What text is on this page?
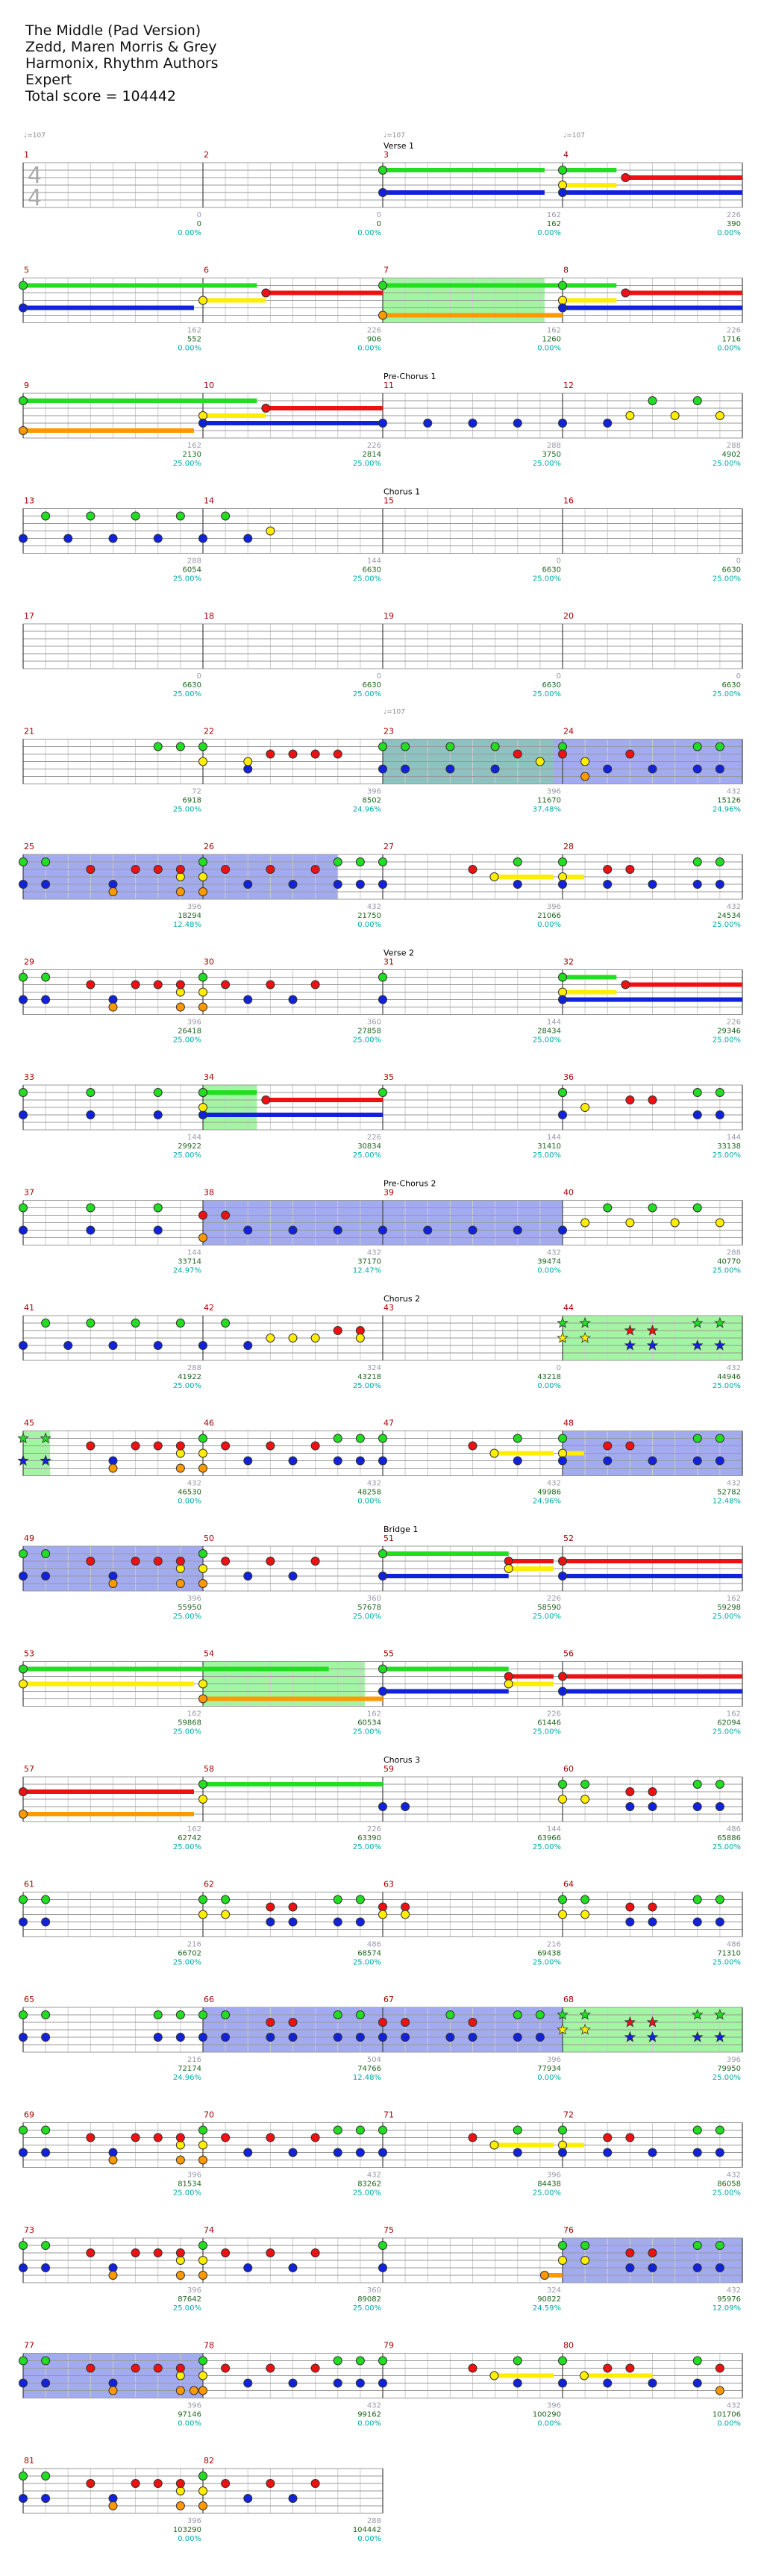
The Middle (Pad Version)
Zedd, Maren Morris & Grey
Harmonix, Rhythm Authors
Expert
Total score = 104442
1
♩=107
0
0
0.00%
2
0
0
0.00%
3
Verse 1
♩=107
162
162
0.00%
4
♩=107
226
390
0.00%
4
4
5
162
552
0.00%
6
226
906
0.00%
7
162
1260
0.00%
8
226
1716
0.00%
9
162
2130
25.00%
10
226
2814
25.00%
11
Pre-Chorus 1
288
3750
25.00%
12
288
4902
25.00%
13
288
6054
25.00%
14
144
6630
25.00%
15
Chorus 1
0
6630
25.00%
16
0
6630
25.00%
17
0
6630
25.00%
18
0
6630
25.00%
19
0
6630
25.00%
20
0
6630
25.00%
21
72
6918
25.00%
22
396
8502
24.96%
23
♩=107
396
11670
37.48%
24
432
15126
24.96%
25
396
18294
12.48%
26
432
21750
0.00%
27
396
21066
0.00%
28
432
24534
25.00%
29
396
26418
25.00%
30
360
27858
25.00%
31
Verse 2
144
28434
25.00%
32
226
29346
25.00%
33
144
29922
25.00%
34
226
30834
25.00%
35
144
31410
25.00%
36
144
33138
25.00%
37
144
33714
24.97%
38
432
37170
12.47%
39
Pre-Chorus 2
432
39474
0.00%
40
288
40770
25.00%
41
288
41922
25.00%
42
324
43218
25.00%
43
Chorus 2
0
43218
0.00%
44
432
44946
25.00%
45
432
46530
0.00%
46
432
48258
0.00%
47
432
49986
24.96%
48
432
52782
12.48%
49
396
55950
25.00%
50
360
57678
25.00%
51
Bridge 1
226
58590
25.00%
52
162
59298
25.00%
53
162
59868
25.00%
54
162
60534
25.00%
55
226
61446
25.00%
56
162
62094
25.00%
57
162
62742
25.00%
58
226
63390
25.00%
59
Chorus 3
144
63966
25.00%
60
486
65886
25.00%
61
216
66702
25.00%
62
486
68574
25.00%
63
216
69438
25.00%
64
486
71310
25.00%
65
216
72174
24.96%
66
504
74766
12.48%
67
396
77934
0.00%
68
396
79950
25.00%
69
396
81534
25.00%
70
432
83262
25.00%
71
396
84438
25.00%
72
432
86058
25.00%
73
396
87642
25.00%
74
360
89082
25.00%
75
324
90822
24.59%
76
432
95976
12.09%
77
396
97146
0.00%
78
432
99162
0.00%
79
396
100290
0.00%
80
432
101706
0.00%
81
396
103290
0.00%
82
288
104442
0.00%
